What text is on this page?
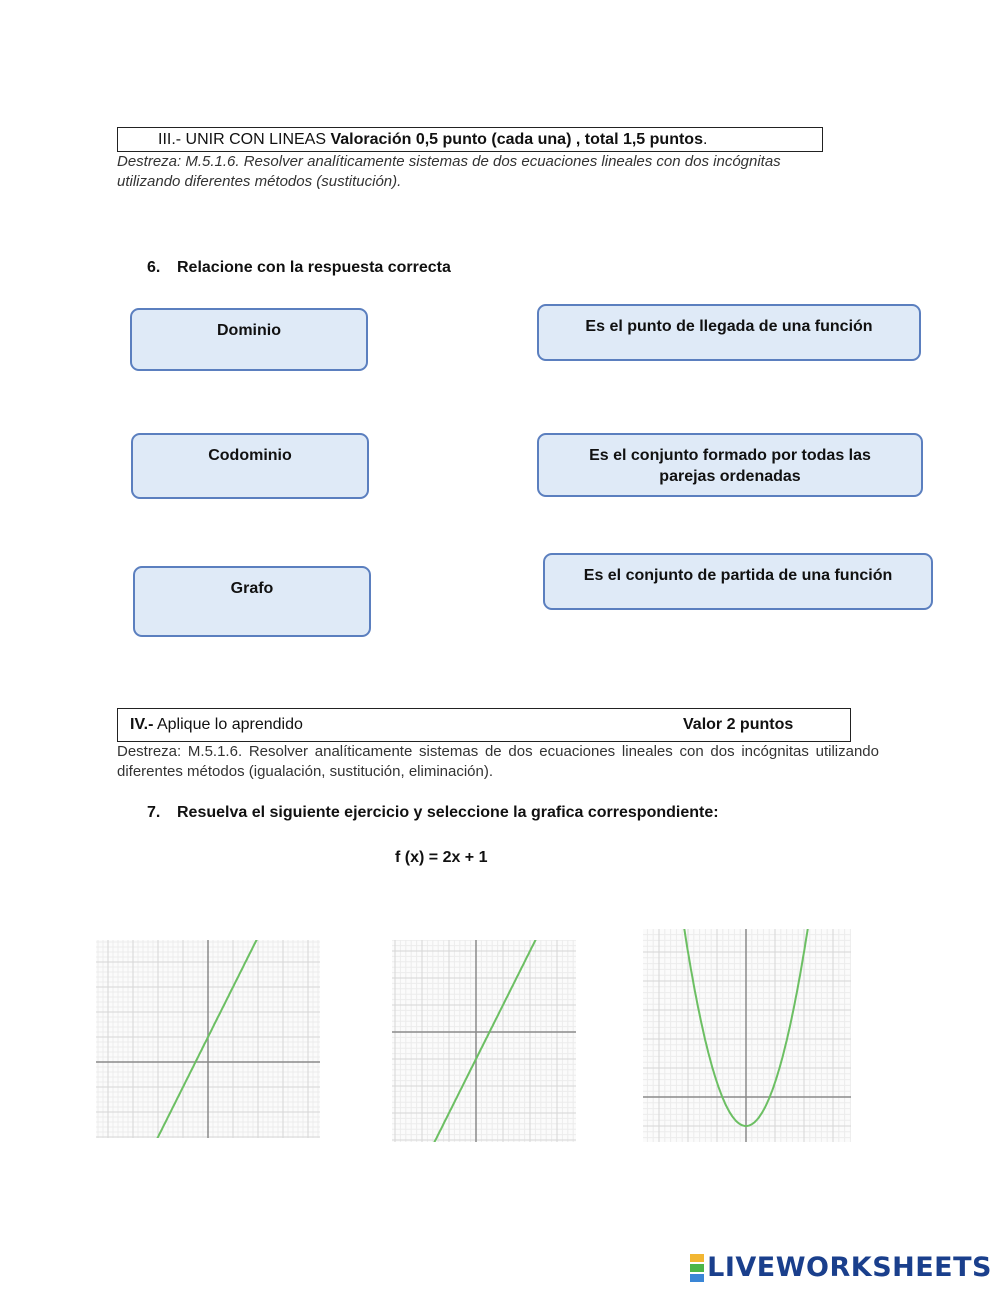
III.- UNIR CON LINEAS Valoración 0,5 punto (cada una) , total 1,5 puntos .
Destreza: M.5.1.6. Resolver analíticamente sistemas de dos ecuaciones lineales con dos incógnitas utilizando diferentes métodos (sustitución).
6. Relacione con la respuesta correcta
Dominio
Codominio
Grafo
Es el punto de llegada de una función
Es el conjunto formado por todas las parejas ordenadas
Es el conjunto de partida de una función
IV.- Aplique lo aprendido	Valor 2 puntos
Destreza: M.5.1.6. Resolver analíticamente sistemas de dos ecuaciones lineales con dos incógnitas utilizando diferentes métodos (igualación, sustitución, eliminación).
7. Resuelva el siguiente ejercicio y seleccione la grafica correspondiente:
f (x) = 2x + 1
LIVEWORKSHEETS
